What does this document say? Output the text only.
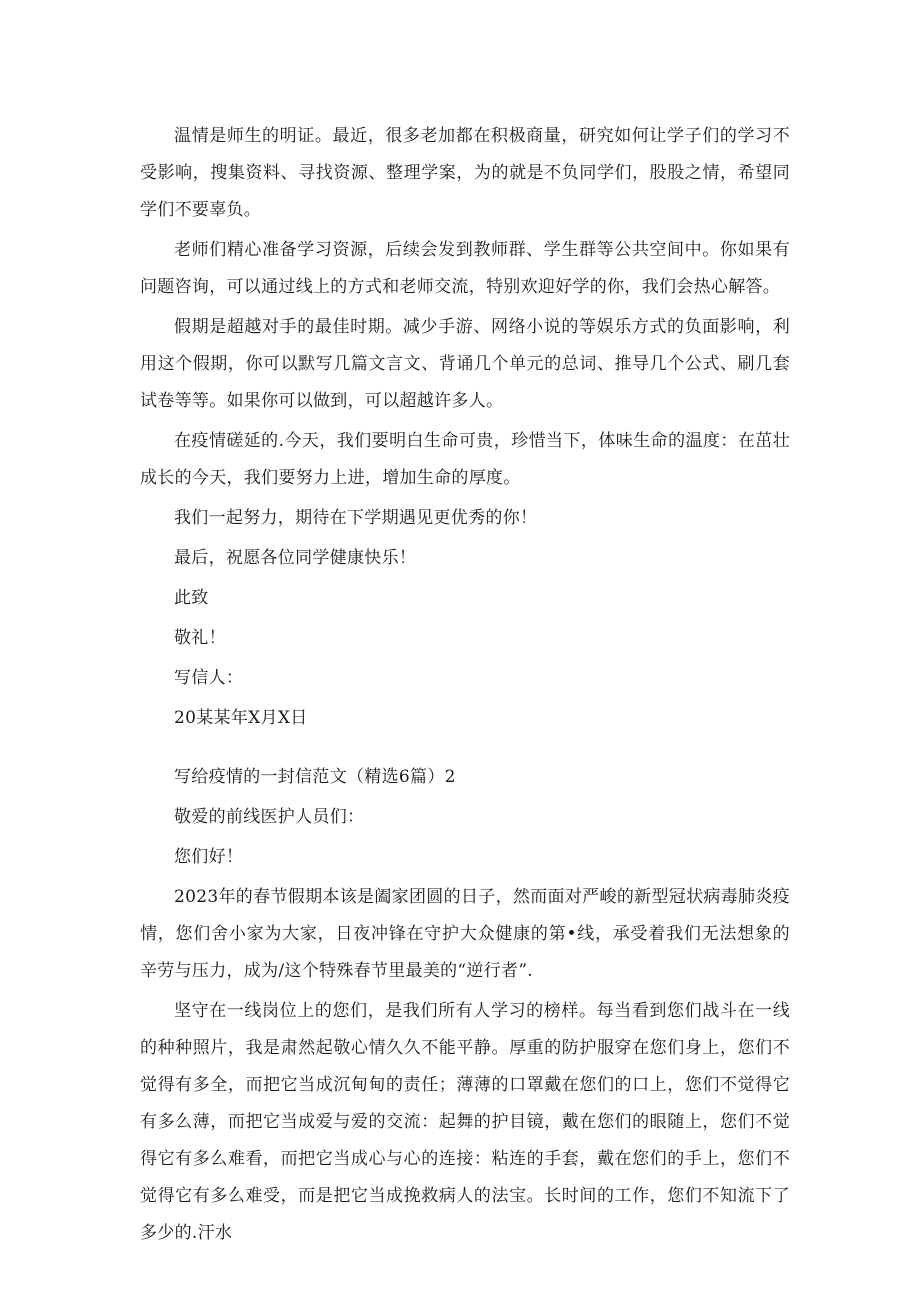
温情是师生的明证。最近，很多老加都在积极商量，研究如何让学子们的学习不受影响，搜集资料、寻找资源、整理学案，为的就是不负同学们，股股之情，希望同学们不要辜负。

老师们精心准备学习资源，后续会发到教师群、学生群等公共空间中。你如果有问题咨询，可以通过线上的方式和老师交流，特别欢迎好学的你，我们会热心解答。

假期是超越对手的最佳时期。减少手游、网络小说的等娱乐方式的负面影响，利用这个假期，你可以默写几篇文言文、背诵几个单元的总词、推导几个公式、刷几套试卷等等。如果你可以做到，可以超越许多人。

在疫情磋延的.今天，我们要明白生命可贵，珍惜当下，体味生命的温度：在茁壮成长的今天，我们要努力上进，增加生命的厚度。

我们一起努力，期待在下学期遇见更优秀的你！

最后，祝愿各位同学健康快乐！

此致

敬礼！

写信人：

20某某年X月X日

写给疫情的一封信范文（精选6篇）2

敬爱的前线医护人员们：

您们好！

2023年的春节假期本该是阖家团圆的日子，然而面对严峻的新型冠状病毒肺炎疫情，您们舍小家为大家，日夜冲锋在守护大众健康的第•线，承受着我们无法想象的辛劳与压力，成为/这个特殊春节里最美的“逆行者”.

坚守在一线岗位上的您们，是我们所有人学习的榜样。每当看到您们战斗在一线的种种照片，我是肃然起敬心情久久不能平静。厚重的防护服穿在您们身上，您们不觉得有多全，而把它当成沉甸甸的责任；薄薄的口罩戴在您们的口上，您们不觉得它有多么薄，而把它当成爱与爱的交流：起舞的护目镜，戴在您们的眼随上，您们不觉得它有多么难看，而把它当成心与心的连接：粘连的手套，戴在您们的手上，您们不觉得它有多么难受，而是把它当成挽救病人的法宝。长时间的工作，您们不知流下了多少的.汗水
